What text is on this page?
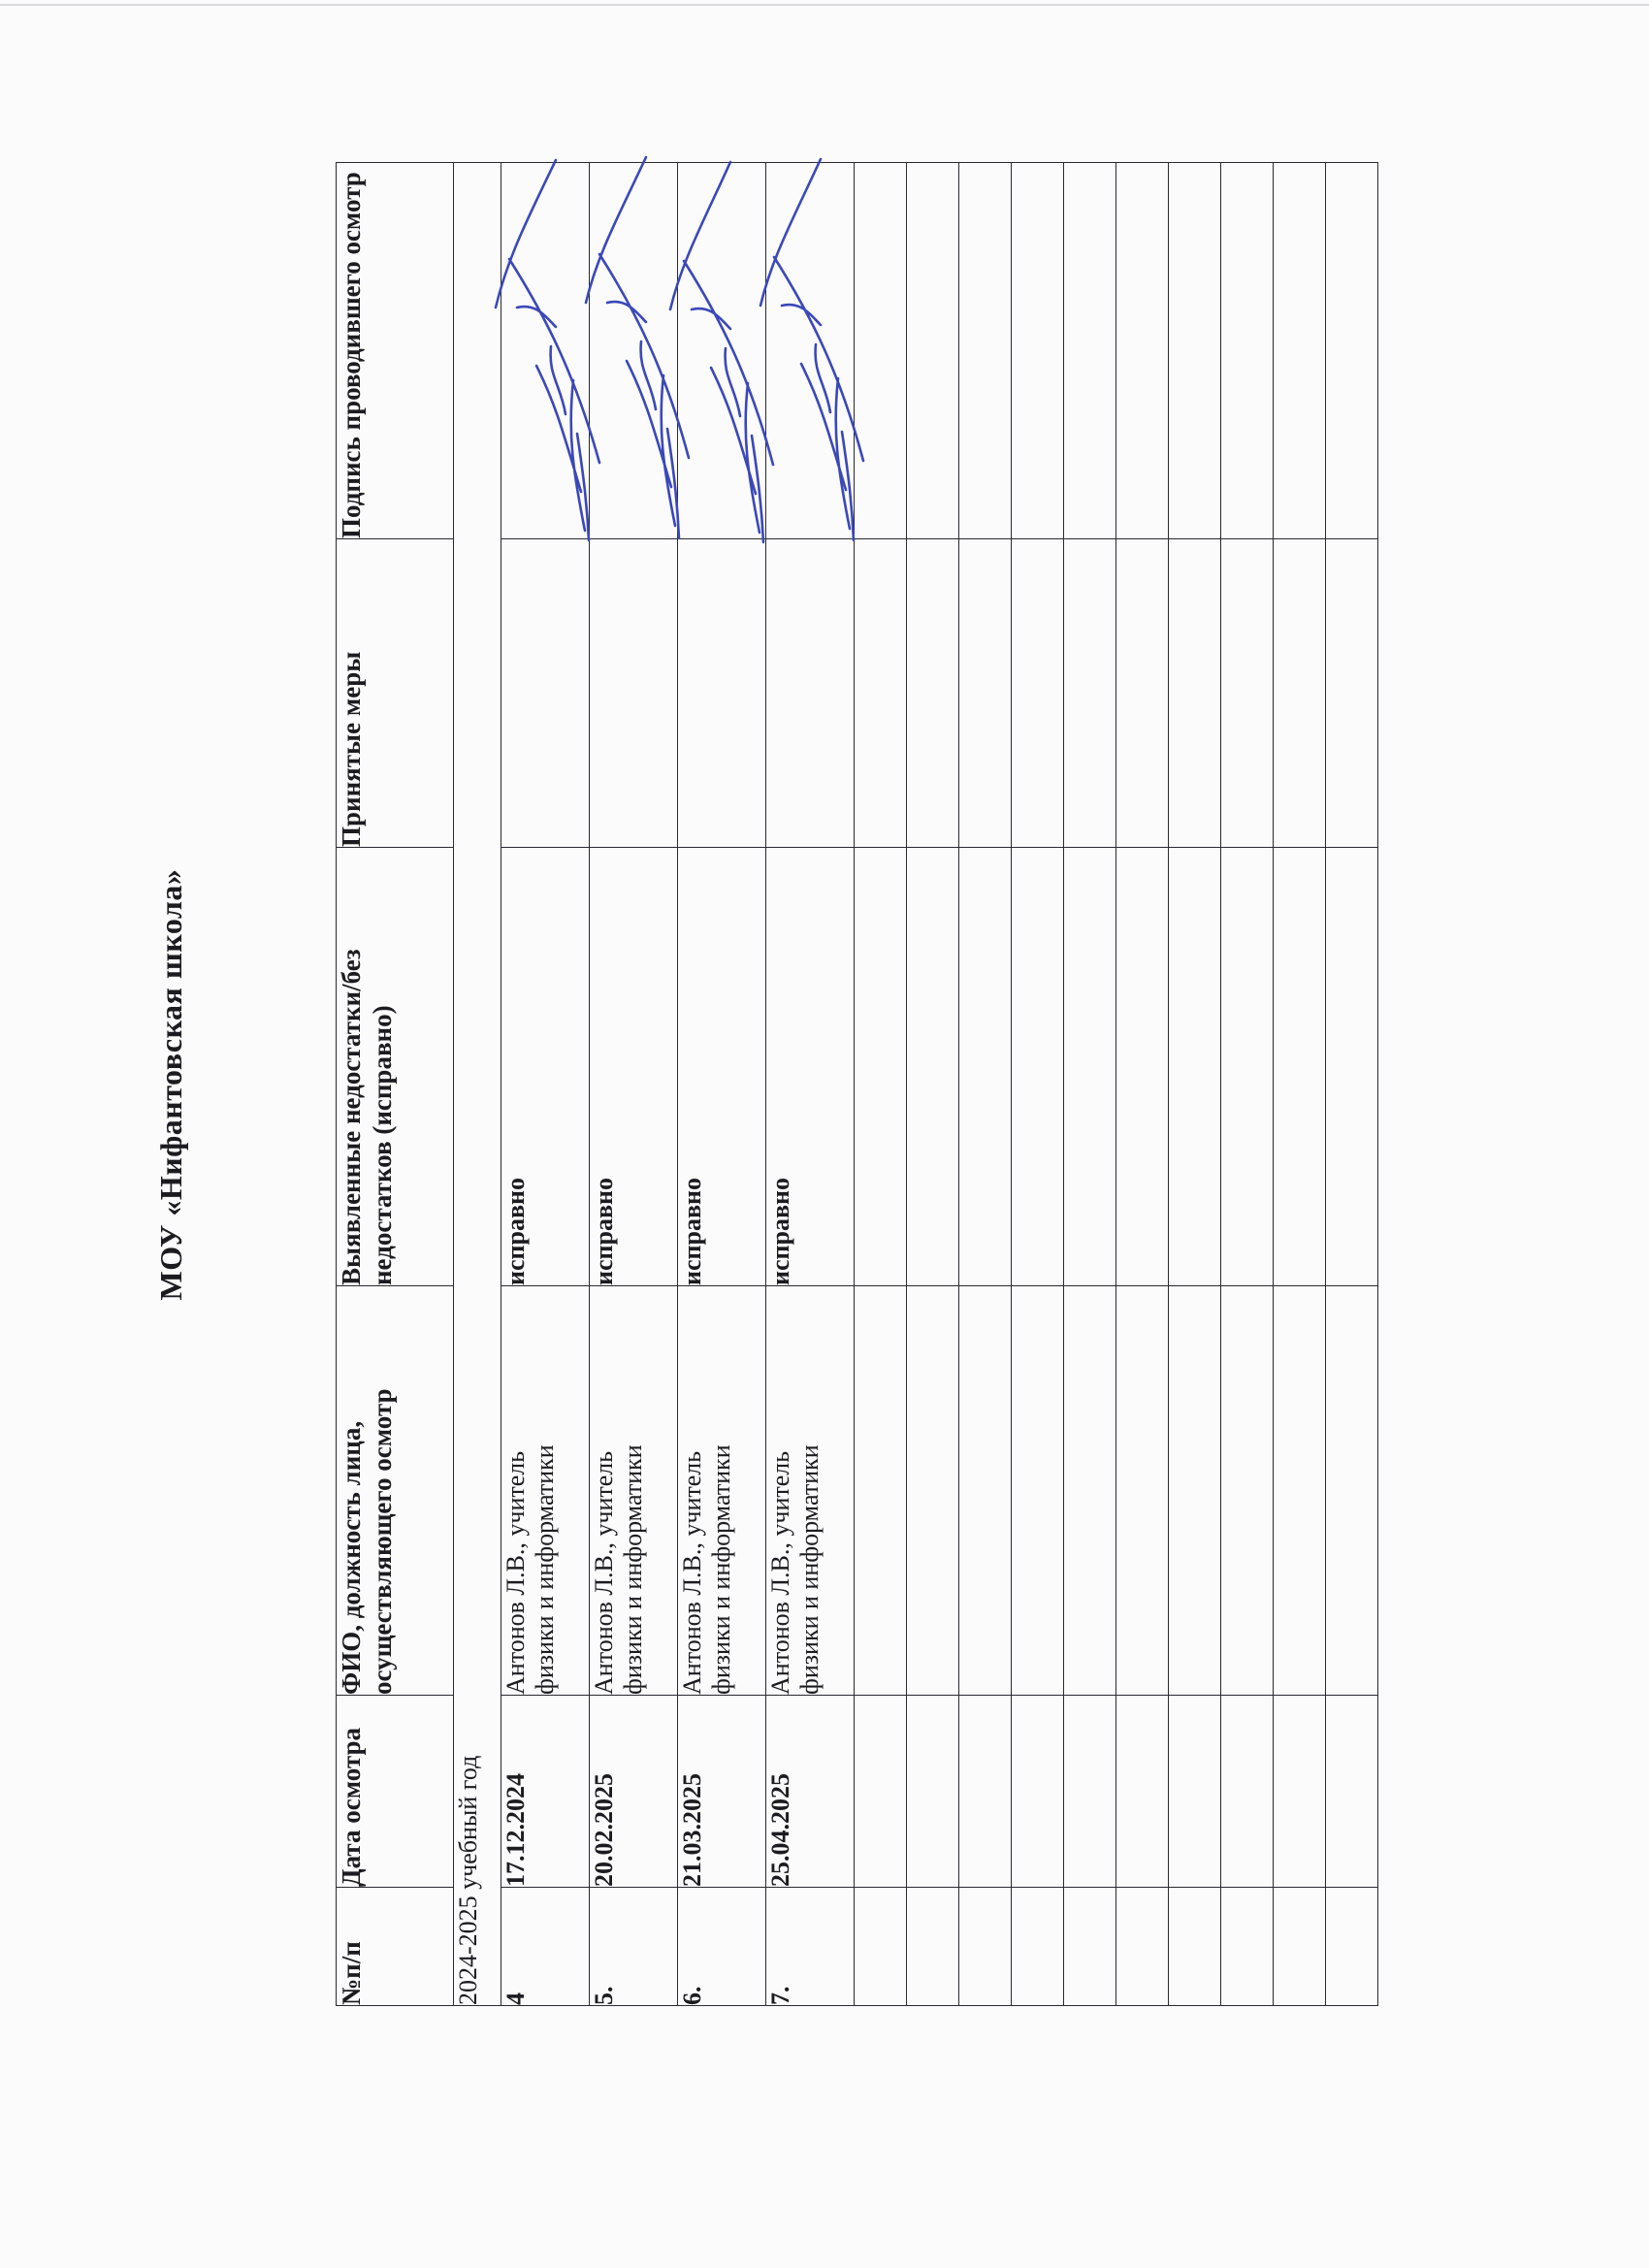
МОУ «Нифантовская школа»
№п/п	Дата осмотра	ФИО, должность лица, осуществляющего осмотр	Выявленные недостатки/без недостатков (исправно)	Принятые меры	Подпись проводившего осмотр
2024-2025 учебный год					
4	17.12.2024	Антонов Л.В., учитель физики и информатики	исправно		

5.	20.02.2025	Антонов Л.В., учитель физики и информатики	исправно		

6.	21.03.2025	Антонов Л.В., учитель физики и информатики	исправно		

7.	25.04.2025	Антонов Л.В., учитель физики и информатики	исправно		
